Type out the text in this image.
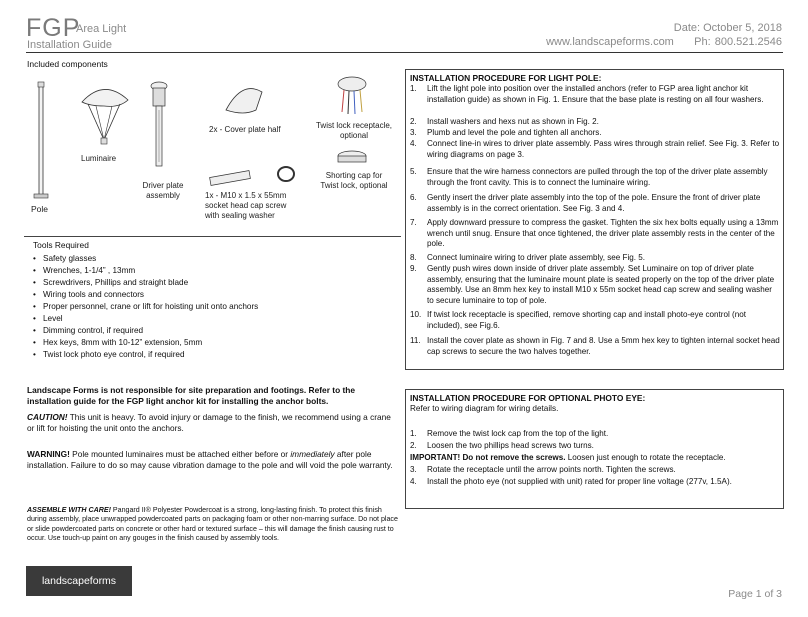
FGP
Area Light
Installation Guide
Date: October 5, 2018
www.landscapeforms.com Ph: 800.521.2546
Included components
Pole
Luminaire
Driver plate
assembly
2x - Cover plate half
1x - M10 x 1.5 x 55mm
socket head cap screw
with sealing washer
Twist lock receptacle,
optional
Shorting cap for
Twist lock, optional
INSTALLATION PROCEDURE FOR LIGHT POLE:
1.	Lift the light pole into position over the installed anchors (refer to FGP area light anchor kit installation guide) as shown in Fig. 1. Ensure that the base plate is resting on all four washers.
2.	Install washers and hexs nut as shown in Fig. 2.
3.	Plumb and level the pole and tighten all anchors.
4.	Connect line-in wires to driver plate assembly. Pass wires through strain relief. See Fig. 3. Refer to wiring diagrams on page 3.
5.	Ensure that the wire harness connectors are pulled through the top of the driver plate assembly through the front cavity. This is to connect the luminaire wiring.
6.	Gently insert the driver plate assembly into the top of the pole. Ensure the front of driver plate assembly is in the correct orientation. See Fig. 3 and 4.
7.	Apply downward pressure to compress the gasket. Tighten the six hex bolts equally using a 13mm wrench until snug. Ensure that once tightened, the driver plate assembly rests in the center of the pole.
8.	Connect luminaire wiring to driver plate assembly, see Fig. 5.
9.	Gently push wires down inside of driver plate assembly. Set Luminaire on top of driver plate assembly, ensuring that the luminaire mount plate is seated properly on the top of the driver plate assembly. Use an 8mm hex key to install M10 x 55m socket head cap screw and sealing washer to secure luminaire to top of pole.
10. If twist lock receptacle is specified, remove shorting cap and install photo-eye control (not included), see Fig.6.
11. Install the cover plate as shown in Fig. 7 and 8. Use a 5mm hex key to tighten internal socket head cap screws to secure the two halves together.
Tools Required
• Safety glasses
• Wrenches, 1-1/4” , 13mm
• Screwdrivers, Phillips and straight blade
• Wiring tools and connectors
• Proper personnel, crane or lift for hoisting unit onto anchors
• Level
• Dimming control, if required
• Hex keys, 8mm with 10-12” extension, 5mm
• Twist lock photo eye control, if required
Landscape Forms is not responsible for site preparation and footings. Refer to the
installation guide for the FGP light anchor kit for installing the anchor bolts.
CAUTION! This unit is heavy. To avoid injury or damage to the finish, we recommend using a crane or lift for hoisting the unit onto the anchors.
WARNING! Pole mounted luminaires must be attached either before or immediately after pole installation. Failure to do so may cause vibration damage to the pole and will void the pole warranty.
ASSEMBLE WITH CARE! Pangard II® Polyester Powdercoat is a strong, long-lasting finish. To protect this finish during assembly, place unwrapped powdercoated parts on packaging foam or other non-marring surface. Do not place or slide powdercoated parts on concrete or other hard or textured surface – this will damage the finish causing rust to occur. Use touch-up paint on any gouges in the finish caused by assembly tools.
landscapeforms
INSTALLATION PROCEDURE FOR OPTIONAL PHOTO EYE:
Refer to wiring diagram for wiring details.
1.	Remove the twist lock cap from the top of the light.
2.	Loosen the two phillips head screws two turns.
IMPORTANT! Do not remove the screws. Loosen just enough to rotate the receptacle.
3.	Rotate the receptacle until the arrow points north. Tighten the screws.
4.	Install the photo eye (not supplied with unit) rated for proper line voltage (277v, 1.5A).
Page 1 of 3
